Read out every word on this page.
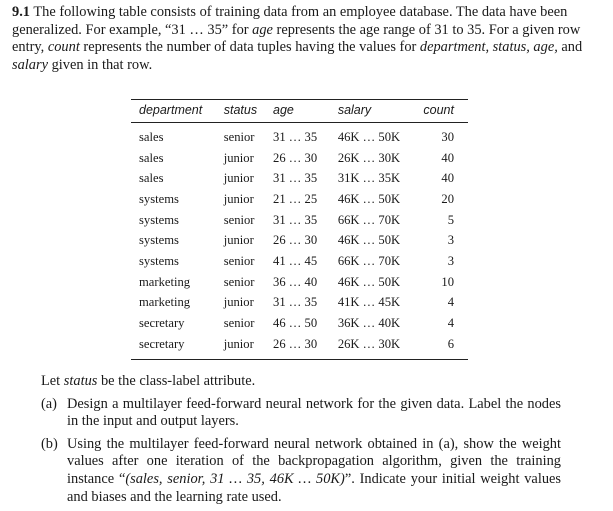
9.1 The following table consists of training data from an employee database. The data have been generalized. For example, “31 … 35” for age represents the age range of 31 to 35. For a given row entry, count represents the number of data tuples having the values for department, status, age, and salary given in that row.

department	status	age	salary	count
sales	senior	31 … 35	46K … 50K	30
sales	junior	26 … 30	26K … 30K	40
sales	junior	31 … 35	31K … 35K	40
systems	junior	21 … 25	46K … 50K	20
systems	senior	31 … 35	66K … 70K	5
systems	junior	26 … 30	46K … 50K	3
systems	senior	41 … 45	66K … 70K	3
marketing	senior	36 … 40	46K … 50K	10
marketing	junior	31 … 35	41K … 45K	4
secretary	senior	46 … 50	36K … 40K	4
secretary	junior	26 … 30	26K … 30K	6

Let status be the class-label attribute.

(a) Design a multilayer feed-forward neural network for the given data. Label the nodes in the input and output layers.
(b) Using the multilayer feed-forward neural network obtained in (a), show the weight values after one iteration of the backpropagation algorithm, given the training instance “(sales, senior, 31 … 35, 46K … 50K)”. Indicate your initial weight values and biases and the learning rate used.
